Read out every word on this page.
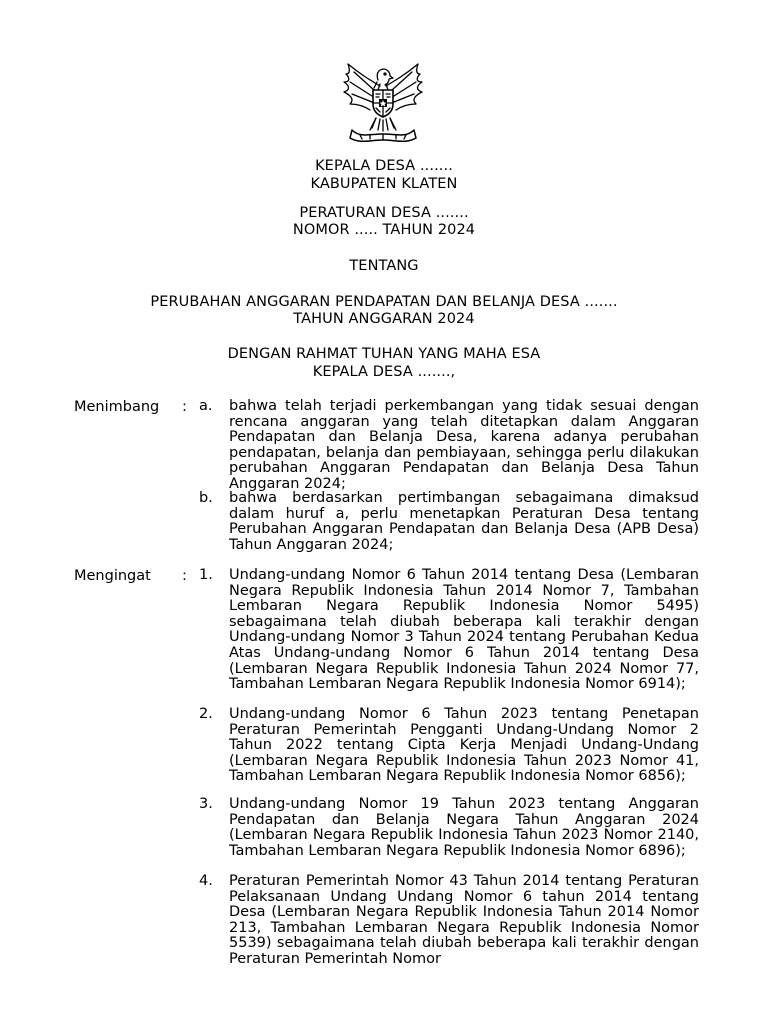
KEPALA DESA .......
KABUPATEN KLATEN
PERATURAN DESA .......
NOMOR ..... TAHUN 2024
TENTANG
PERUBAHAN ANGGARAN PENDAPATAN DAN BELANJA DESA .......
TAHUN ANGGARAN 2024
DENGAN RAHMAT TUHAN YANG MAHA ESA
KEPALA DESA .......,
Menimbang : a. bahwa telah terjadi perkembangan yang tidak sesuai dengan rencana anggaran yang telah ditetapkan dalam Anggaran Pendapatan dan Belanja Desa, karena adanya perubahan pendapatan, belanja dan pembiayaan, sehingga perlu dilakukan perubahan Anggaran Pendapatan dan Belanja Desa Tahun Anggaran 2024;
b. bahwa berdasarkan pertimbangan sebagaimana dimaksud dalam huruf a, perlu menetapkan Peraturan Desa tentang Perubahan Anggaran Pendapatan dan Belanja Desa (APB Desa) Tahun Anggaran 2024;
Mengingat : 1. Undang-undang Nomor 6 Tahun 2014 tentang Desa (Lembaran Negara Republik Indonesia Tahun 2014 Nomor 7, Tambahan Lembaran Negara Republik Indonesia Nomor 5495) sebagaimana telah diubah beberapa kali terakhir dengan Undang-undang Nomor 3 Tahun 2024 tentang Perubahan Kedua Atas Undang-undang Nomor 6 Tahun 2014 tentang Desa (Lembaran Negara Republik Indonesia Tahun 2024 Nomor 77, Tambahan Lembaran Negara Republik Indonesia Nomor 6914);
2. Undang-undang Nomor 6 Tahun 2023 tentang Penetapan Peraturan Pemerintah Pengganti Undang-Undang Nomor 2 Tahun 2022 tentang Cipta Kerja Menjadi Undang-Undang (Lembaran Negara Republik Indonesia Tahun 2023 Nomor 41, Tambahan Lembaran Negara Republik Indonesia Nomor 6856);
3. Undang-undang Nomor 19 Tahun 2023 tentang Anggaran Pendapatan dan Belanja Negara Tahun Anggaran 2024 (Lembaran Negara Republik Indonesia Tahun 2023 Nomor 2140, Tambahan Lembaran Negara Republik Indonesia Nomor 6896);
4. Peraturan Pemerintah Nomor 43 Tahun 2014 tentang Peraturan Pelaksanaan Undang Undang Nomor 6 tahun 2014 tentang Desa (Lembaran Negara Republik Indonesia Tahun 2014 Nomor 213, Tambahan Lembaran Negara Republik Indonesia Nomor 5539) sebagaimana telah diubah beberapa kali terakhir dengan Peraturan Pemerintah Nomor
